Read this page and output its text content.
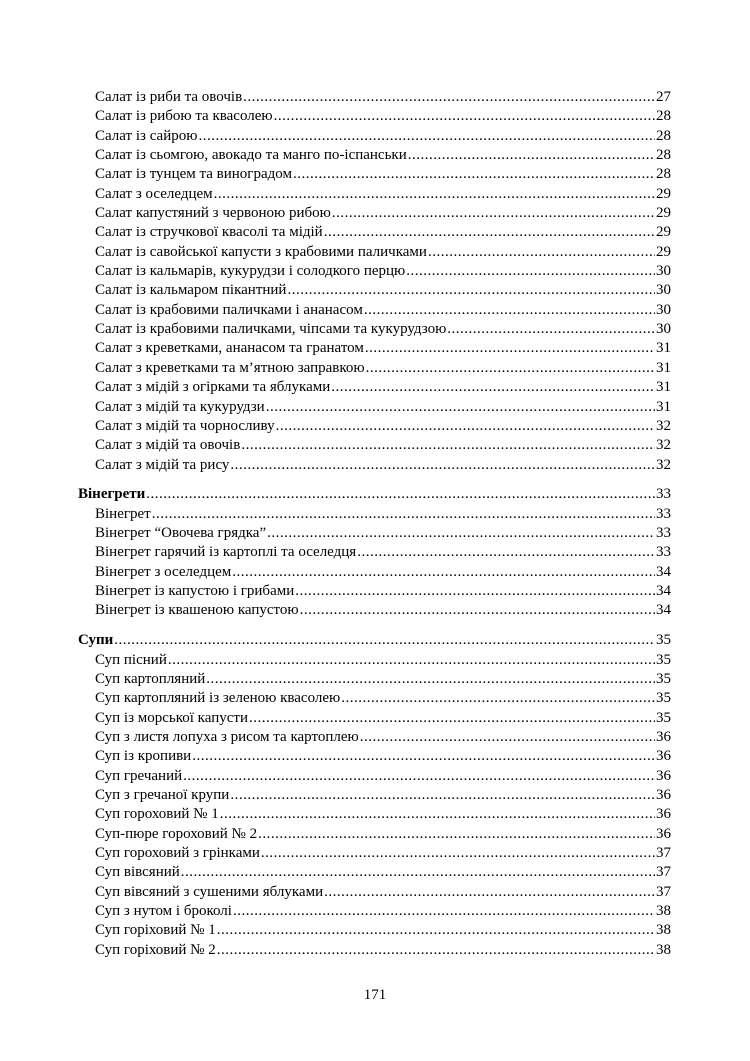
Салат із риби та овочів .....	27
Салат із рибою та квасолею .....	28
Салат із сайрою .....	28
Салат із сьомгою, авокадо та манго по-іспанськи .....	28
Салат із тунцем та виноградом .....	28
Салат з оселедцем .....	29
Салат капустяний з червоною рибою .....	29
Салат із стручкової квасолі та мідій .....	29
Салат із савойської капусти з крабовими паличками .....	29
Салат із кальмарів, кукурудзи і солодкого перцю .....	30
Салат із кальмаром пікантний .....	30
Салат із крабовими паличками і ананасом .....	30
Салат із крабовими паличками, чіпсами та кукурудзою .....	30
Салат з креветками, ананасом та гранатом .....	31
Салат з креветками та м’ятною заправкою .....	31
Салат з мідій з огірками та яблуками .....	31
Салат з мідій та кукурудзи .....	31
Салат з мідій та чорносливу .....	32
Салат з мідій та овочів .....	32
Салат з мідій та рису .....	32
Вінегрети .....	33
Вінегрет .....	33
Вінегрет “Овочева грядка” .....	33
Вінегрет гарячий із картоплі та оселедця .....	33
Вінегрет з оселедцем .....	34
Вінегрет із капустою і грибами .....	34
Вінегрет із квашеною капустою .....	34
Супи .....	35
Суп пісний .....	35
Суп картопляний .....	35
Суп картопляний із зеленою квасолею .....	35
Суп із морської капусти .....	35
Суп з листя лопуха з рисом та картоплею .....	36
Суп із кропиви .....	36
Суп гречаний .....	36
Суп з гречаної крупи .....	36
Суп гороховий № 1 .....	36
Суп-пюре гороховий № 2 .....	36
Суп гороховий з грінками .....	37
Суп вівсяний .....	37
Суп вівсяний з сушеними яблуками .....	37
Суп з нутом і броколі .....	38
Суп горіховий № 1 .....	38
Суп горіховий № 2 .....	38
171
